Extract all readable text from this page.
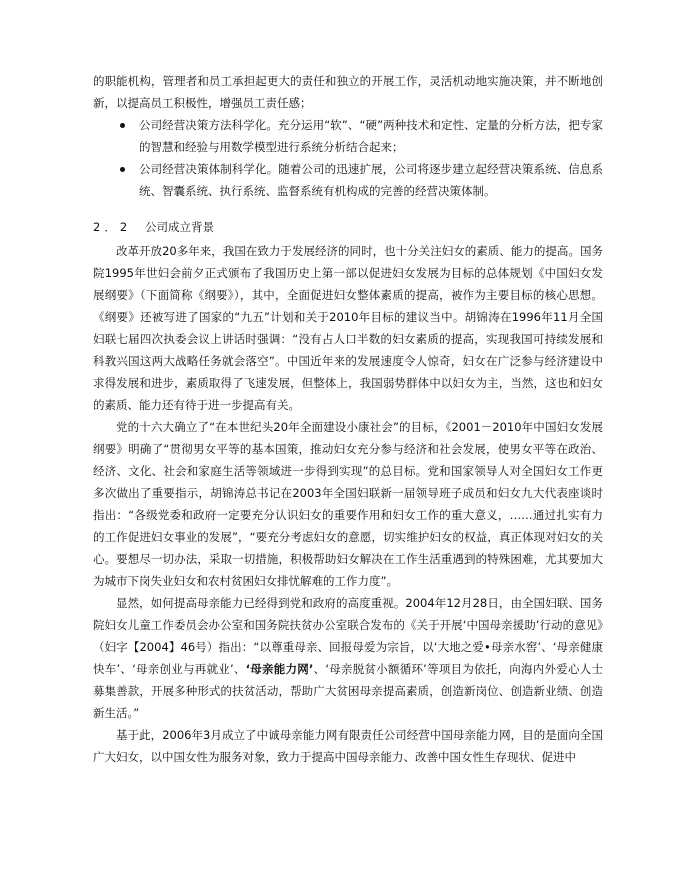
的职能机构，管理者和员工承担起更大的责任和独立的开展工作，灵活机动地实施决策，并不断地创新，以提高员工积极性，增强员工责任感；

公司经营决策方法科学化。充分运用“软”、“硬”两种技术和定性、定量的分析方法，把专家的智慧和经验与用数学模型进行系统分析结合起来；

公司经营决策体制科学化。随着公司的迅速扩展，公司将逐步建立起经营决策系统、信息系统、智囊系统、执行系统、监督系统有机构成的完善的经营决策体制。

2．2 公司成立背景

改革开放20多年来，我国在致力于发展经济的同时，也十分关注妇女的素质、能力的提高。国务院1995年世妇会前夕正式颁布了我国历史上第一部以促进妇女发展为目标的总体规划《中国妇女发展纲要》（下面简称《纲要》），其中，全面促进妇女整体素质的提高，被作为主要目标的核心思想。《纲要》还被写进了国家的“九五”计划和关于2010年目标的建议当中。胡锦涛在1996年11月全国妇联七届四次执委会议上讲话时强调：“没有占人口半数的妇女素质的提高，实现我国可持续发展和科教兴国这两大战略任务就会落空”。中国近年来的发展速度令人惊奇，妇女在广泛参与经济建设中求得发展和进步，素质取得了飞速发展，但整体上，我国弱势群体中以妇女为主，当然，这也和妇女的素质、能力还有待于进一步提高有关。

党的十六大确立了“在本世纪头20年全面建设小康社会”的目标，《2001－2010年中国妇女发展纲要》明确了“贯彻男女平等的基本国策，推动妇女充分参与经济和社会发展，使男女平等在政治、经济、文化、社会和家庭生活等领域进一步得到实现”的总目标。党和国家领导人对全国妇女工作更多次做出了重要指示，胡锦涛总书记在2003年全国妇联新一届领导班子成员和妇女九大代表座谈时指出：“各级党委和政府一定要充分认识妇女的重要作用和妇女工作的重大意义，……通过扎实有力的工作促进妇女事业的发展”，“要充分考虑妇女的意愿，切实维护妇女的权益，真正体现对妇女的关心。要想尽一切办法，采取一切措施，积极帮助妇女解决在工作生活重遇到的特殊困难，尤其要加大为城市下岗失业妇女和农村贫困妇女排忧解难的工作力度”。

显然，如何提高母亲能力已经得到党和政府的高度重视。2004年12月28日，由全国妇联、国务院妇女儿童工作委员会办公室和国务院扶贫办公室联合发布的《关于开展‘中国母亲援助’行动的意见》（妇字【2004】46号）指出：“以尊重母亲、回报母爱为宗旨，以‘大地之爱•母亲水窖’、‘母亲健康快车’、‘母亲创业与再就业’、‘母亲能力网’、‘母亲脱贫小额循环’等项目为依托，向海内外爱心人士募集善款，开展多种形式的扶贫活动，帮助广大贫困母亲提高素质，创造新岗位、创造新业绩、创造新生活。”

基于此，2006年3月成立了中诚母亲能力网有限责任公司经营中国母亲能力网，目的是面向全国广大妇女，以中国女性为服务对象，致力于提高中国母亲能力、改善中国女性生存现状、促进中
